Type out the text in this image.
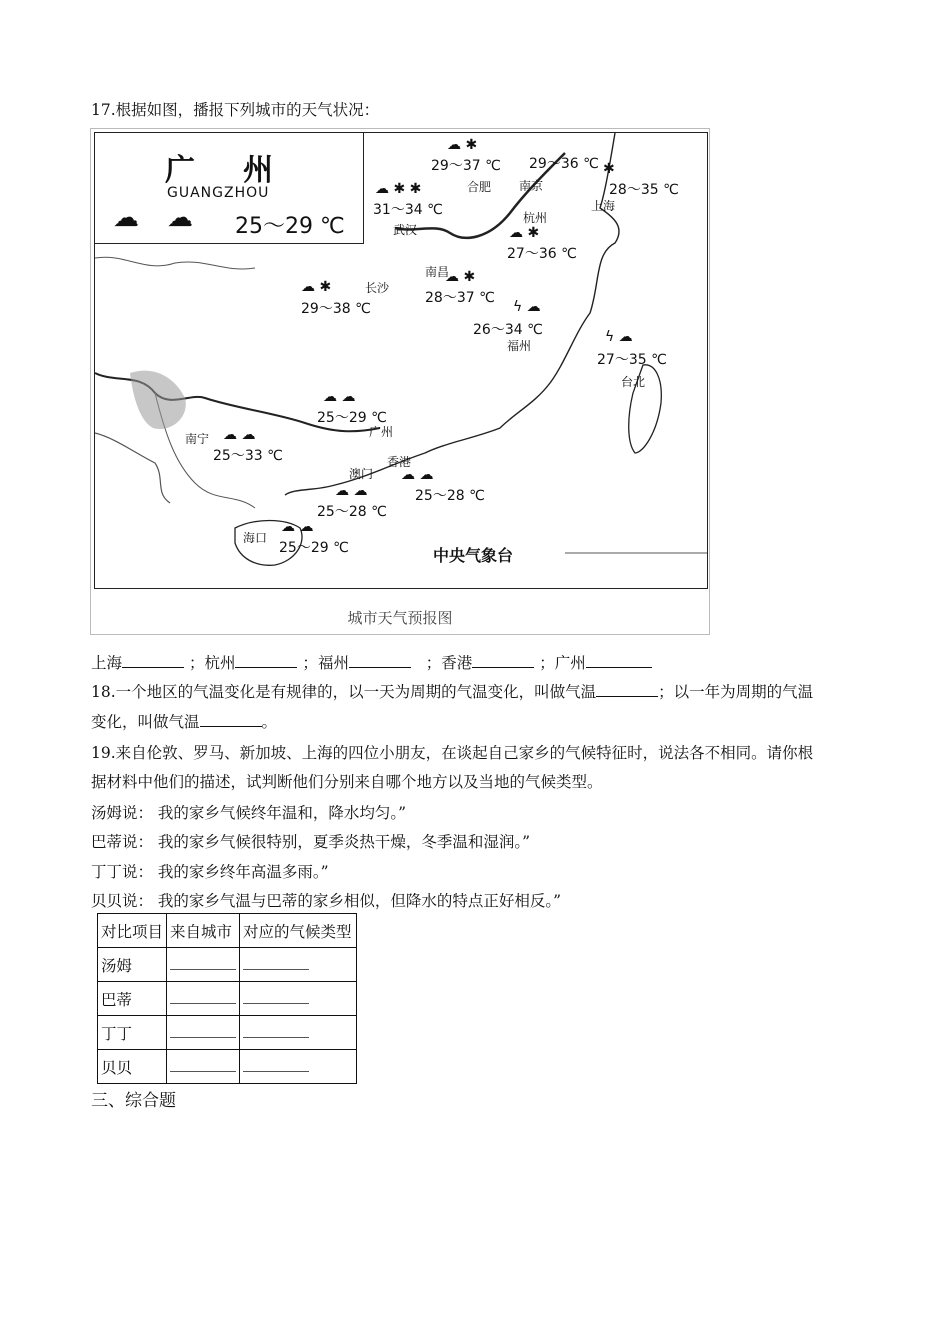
17.根据如图，播报下列城市的天气状况：
广州
GUANGZHOU
☁ ☁ 25～29 ℃
29～37 ℃
合肥
29～36 ℃
南京	28～35 ℃
上海
31～34 ℃
武汉
27～36 ℃
杭州
29～38 ℃
长沙
28～37 ℃
南昌
26～34 ℃
福州
27～35 ℃
台北
25～29 ℃
广州
25～33 ℃
南宁
25～28 ℃
香港
25～28 ℃
澳门
25～29 ℃
海口
☁ ✱
☁ ✱ ✱
✱
☁ ✱
☁ ✱
☁ ✱
ϟ ☁
ϟ ☁
☁ ☁
☁ ☁
☁ ☁
☁ ☁
☁ ☁
中央气象台
城市天气预报图
上海	；杭州	；福州	；香港	；广州
18.一个地区的气温变化是有规律的，以一天为周期的气温变化，叫做气温	；以一年为周期的气温
变化，叫做气温	。
19.来自伦敦、罗马、新加坡、上海的四位小朋友，在谈起自己家乡的气候特征时，说法各不相同。请你根
据材料中他们的描述，试判断他们分别来自哪个地方以及当地的气候类型。
汤姆说： 我的家乡气候终年温和，降水均匀。”
巴蒂说： 我的家乡气候很特别，夏季炎热干燥，冬季温和湿润。”
丁丁说： 我的家乡终年高温多雨。”
贝贝说： 我的家乡气温与巴蒂的家乡相似，但降水的特点正好相反。”
对比项目	来自城市	对应的气候类型
汤姆		
巴蒂		
丁丁		
贝贝		
三、综合题
